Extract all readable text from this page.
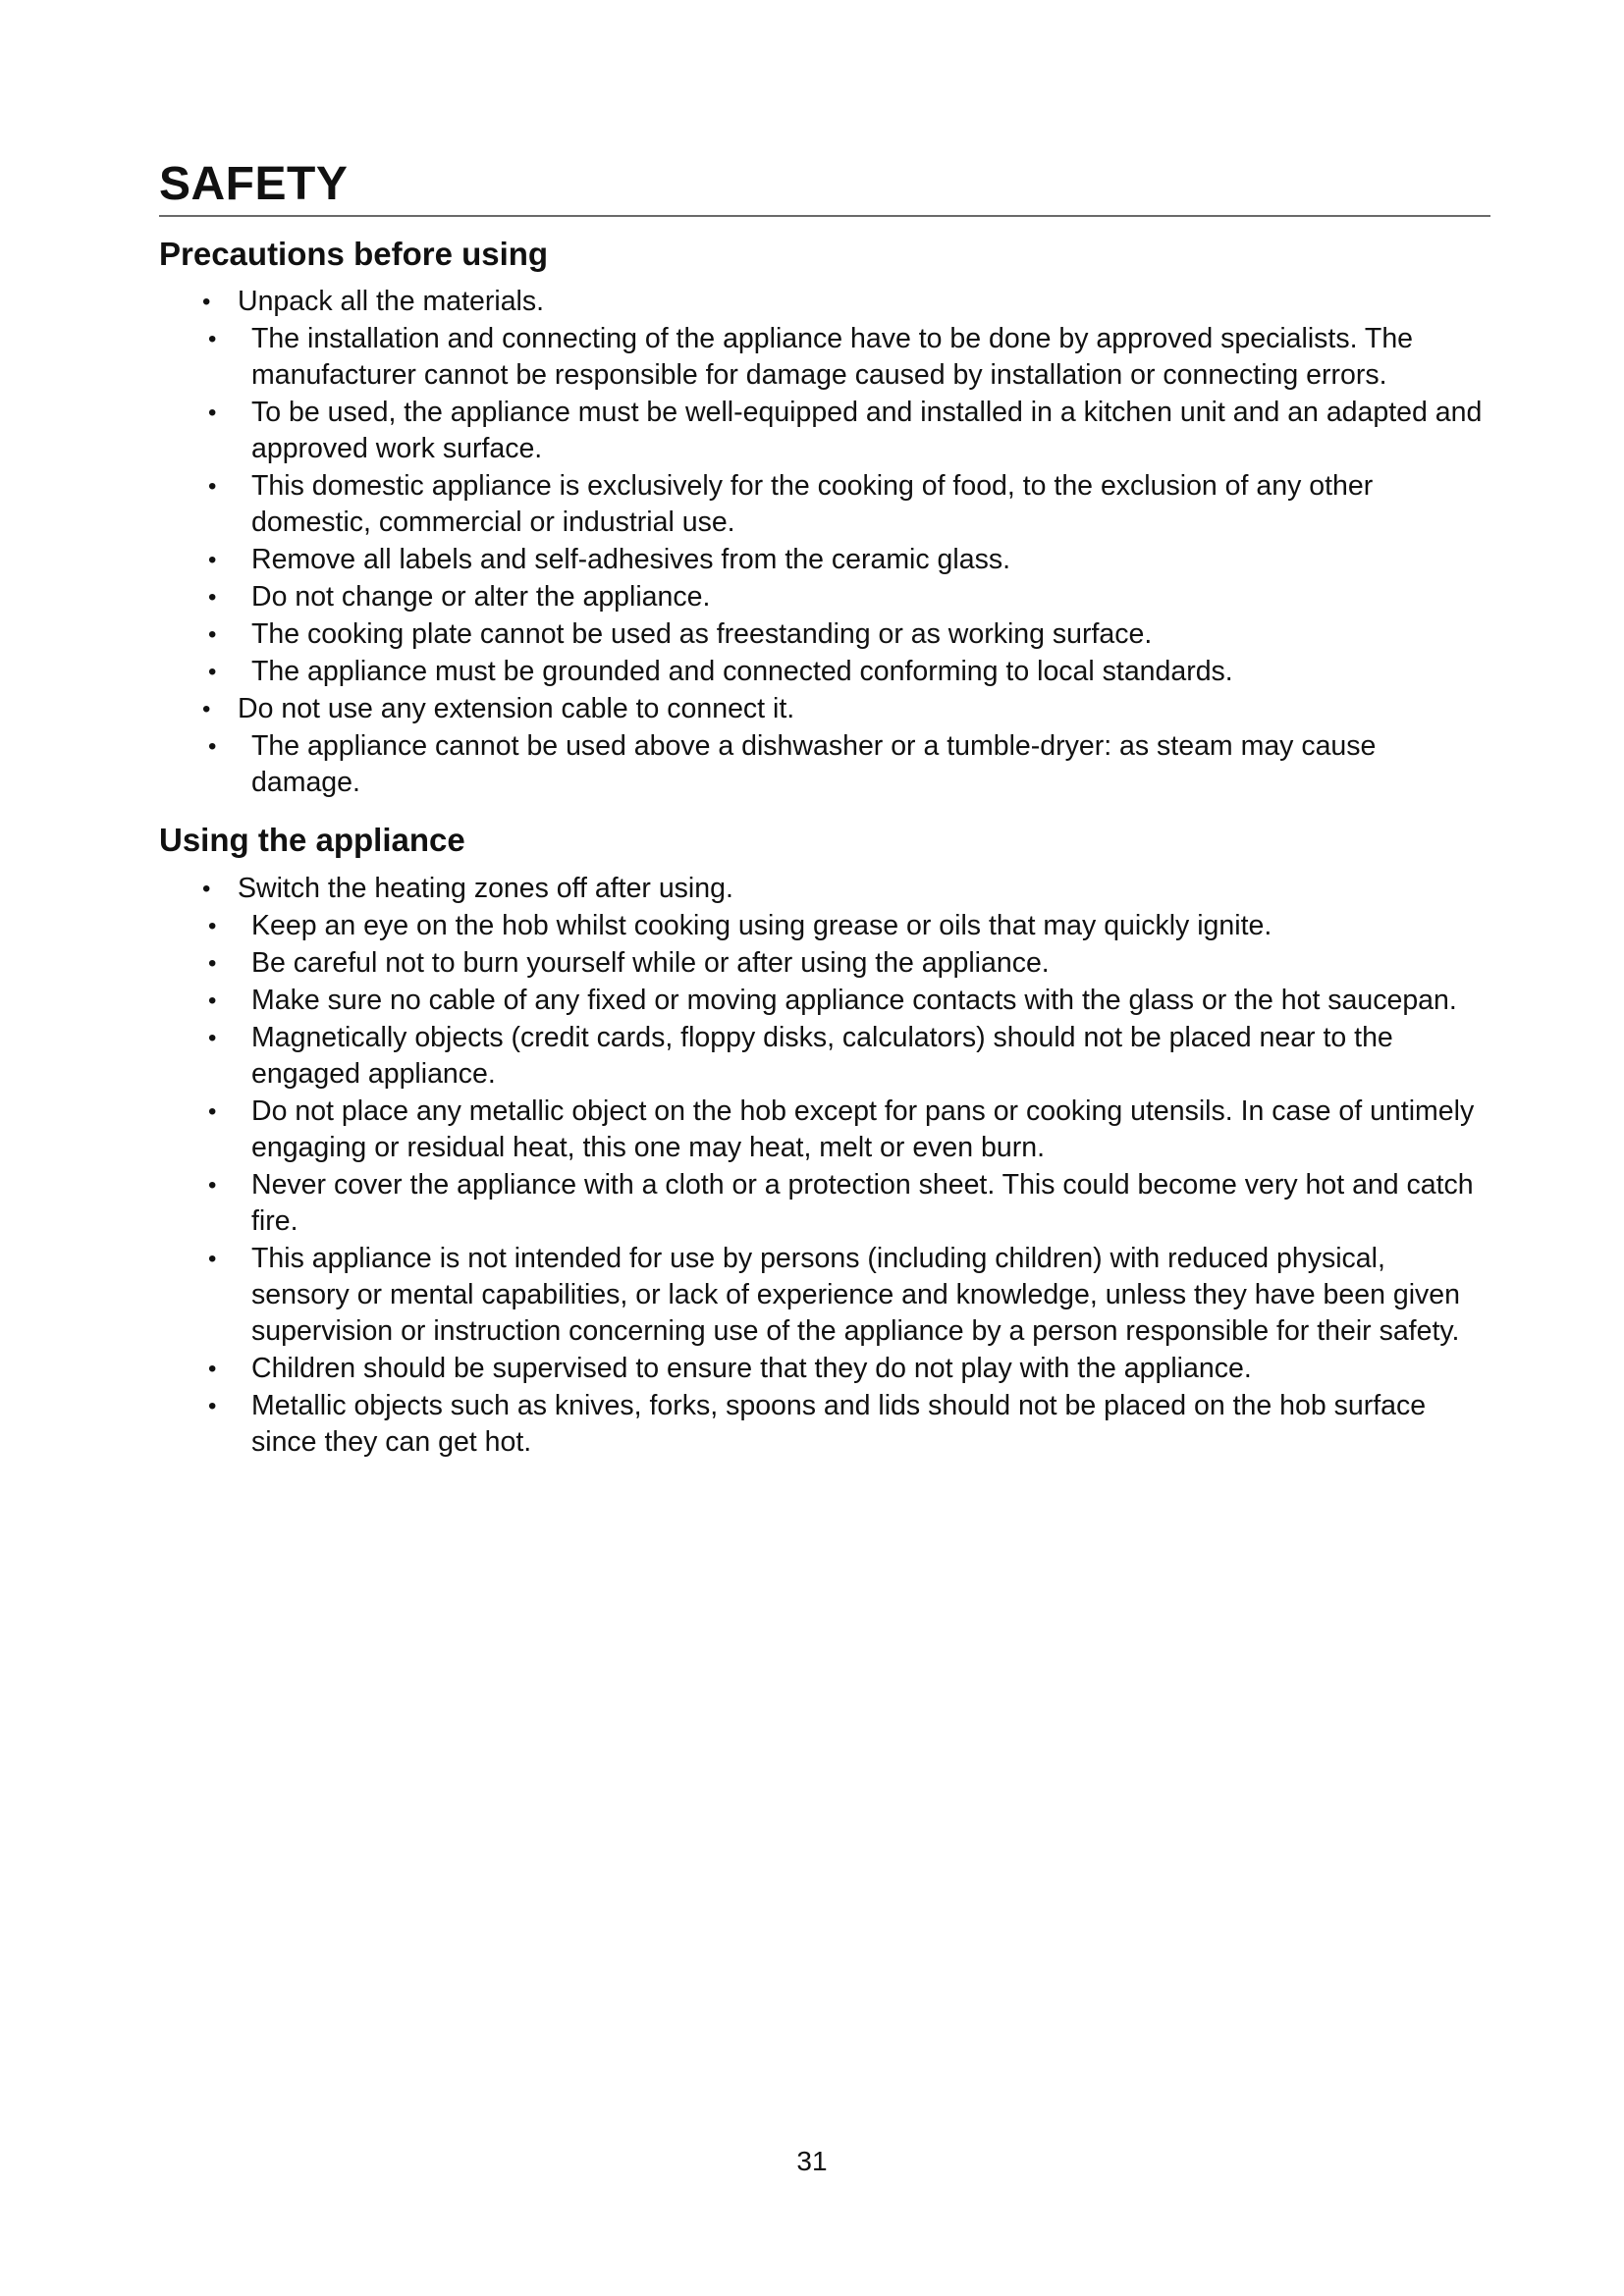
SAFETY
Precautions before using
• Unpack all the materials.
• The installation and connecting of the appliance have to be done by approved specialists. The manufacturer cannot be responsible for damage caused by installation or connecting errors.
• To be used, the appliance must be well-equipped and installed in a kitchen unit and an adapted and approved work surface.
• This domestic appliance is exclusively for the cooking of food, to the exclusion of any other domestic, commercial or industrial use.
• Remove all labels and self-adhesives from the ceramic glass.
• Do not change or alter the appliance.
• The cooking plate cannot be used as freestanding or as working surface.
• The appliance must be grounded and connected conforming to local standards.
• Do not use any extension cable to connect it.
• The appliance cannot be used above a dishwasher or a tumble-dryer: as steam may cause damage.
Using the appliance
• Switch the heating zones off after using.
• Keep an eye on the hob whilst cooking using grease or oils that may quickly ignite.
• Be careful not to burn yourself while or after using the appliance.
• Make sure no cable of any fixed or moving appliance contacts with the glass or the hot saucepan.
• Magnetically objects (credit cards, floppy disks, calculators) should not be placed near to the engaged appliance.
• Do not place any metallic object on the hob except for pans or cooking utensils. In case of untimely engaging or residual heat, this one may heat, melt or even burn.
• Never cover the appliance with a cloth or a protection sheet. This could become very hot and catch fire.
• This appliance is not intended for use by persons (including children) with reduced physical, sensory or mental capabilities, or lack of experience and knowledge, unless they have been given supervision or instruction concerning use of the appliance by a person responsible for their safety.
• Children should be supervised to ensure that they do not play with the appliance.
• Metallic objects such as knives, forks, spoons and lids should not be placed on the hob surface since they can get hot.
31
